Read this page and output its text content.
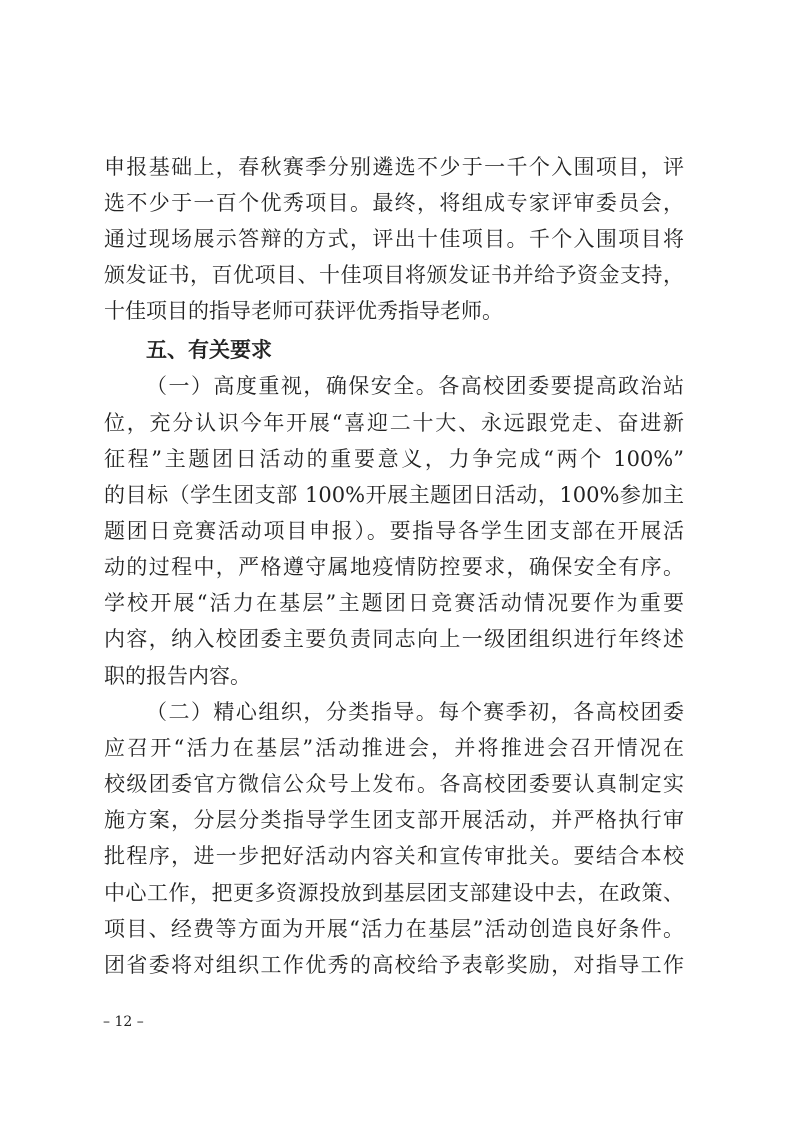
申报基础上，春秋赛季分别遴选不少于一千个入围项目，评
选不少于一百个优秀项目。最终，将组成专家评审委员会，
通过现场展示答辩的方式，评出十佳项目。千个入围项目将
颁发证书，百优项目、十佳项目将颁发证书并给予资金支持，
十佳项目的指导老师可获评优秀指导老师。
五、有关要求
（一）高度重视，确保安全。各高校团委要提高政治站
位，充分认识今年开展“喜迎二十大、永远跟党走、奋进新
征程”主题团日活动的重要意义，力争完成“两个 100%”
的目标（学生团支部 100%开展主题团日活动，100%参加主
题团日竞赛活动项目申报）。要指导各学生团支部在开展活
动的过程中，严格遵守属地疫情防控要求，确保安全有序。
学校开展“活力在基层”主题团日竞赛活动情况要作为重要
内容，纳入校团委主要负责同志向上一级团组织进行年终述
职的报告内容。
（二）精心组织，分类指导。每个赛季初，各高校团委
应召开“活力在基层”活动推进会，并将推进会召开情况在
校级团委官方微信公众号上发布。各高校团委要认真制定实
施方案，分层分类指导学生团支部开展活动，并严格执行审
批程序，进一步把好活动内容关和宣传审批关。要结合本校
中心工作，把更多资源投放到基层团支部建设中去，在政策、
项目、经费等方面为开展“活力在基层”活动创造良好条件。
团省委将对组织工作优秀的高校给予表彰奖励，对指导工作
– 12 –
